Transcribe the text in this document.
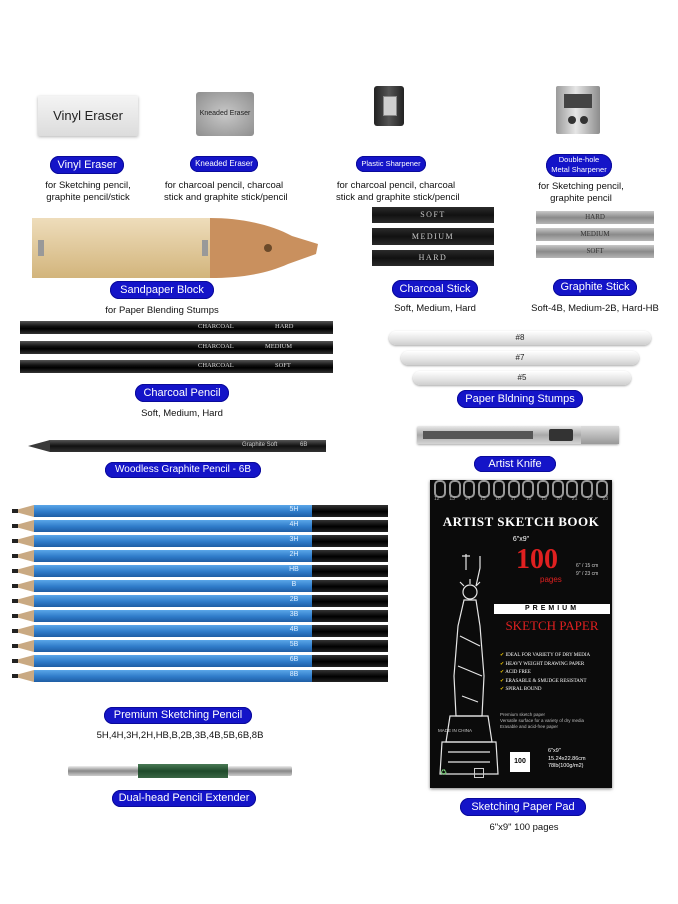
Vinyl Eraser
Vinyl Eraser
for Sketching pencil,
graphite pencil/stick
Kneaded Eraser
Kneaded Eraser
for charcoal pencil, charcoal
stick and graphite stick/pencil
Plastic Sharpener
for charcoal pencil, charcoal
stick and graphite stick/pencil
Double-hole
Metal Sharpener
for Sketching pencil,
graphite pencil
Sandpaper Block
for Paper Blending Stumps
SOFT
MEDIUM
HARD
Charcoal Stick
Soft, Medium, Hard
HARD
MEDIUM
SOFT
Graphite Stick
Soft-4B, Medium-2B, Hard-HB
CHARCOAL	HARD
CHARCOAL	MEDIUM
CHARCOAL	SOFT
Charcoal Pencil
Soft, Medium, Hard
#8
#7
#5
Paper Bldning Stumps
Graphite Soft	6B
Woodless Graphite Pencil - 6B	Artist Knife
5H
4H
3H
2H
HB
B
2B
3B
4B
5B
6B
8B
Premium Sketching Pencil
5H,4H,3H,2H,HB,B,2B,3B,4B,5B,6B,8B
Dual-head Pencil Extender
12 13 14 15 16 17 18 19 20 21 22 23
ARTIST SKETCH BOOK
6"x9"
100
pages
6" / 15 cm
9" / 23 cm
PREMIUM
SKETCH PAPER
✔ IDEAL FOR VARIETY OF DRY MEDIA
✔ HEAVY WEIGHT DRAWING PAPER
✔ ACID FREE
✔ ERASABLE & SMUDGE RESISTANT
✔ SPIRAL BOUND
Premium sketch paper
Versatile surface for a variety of dry media
Erasable and acid-free paper
MADE IN CHINA
100
6"x9"
15.24x22.86cm
78lb(100g/m2)
♻
Sketching Paper Pad
6"x9" 100 pages
